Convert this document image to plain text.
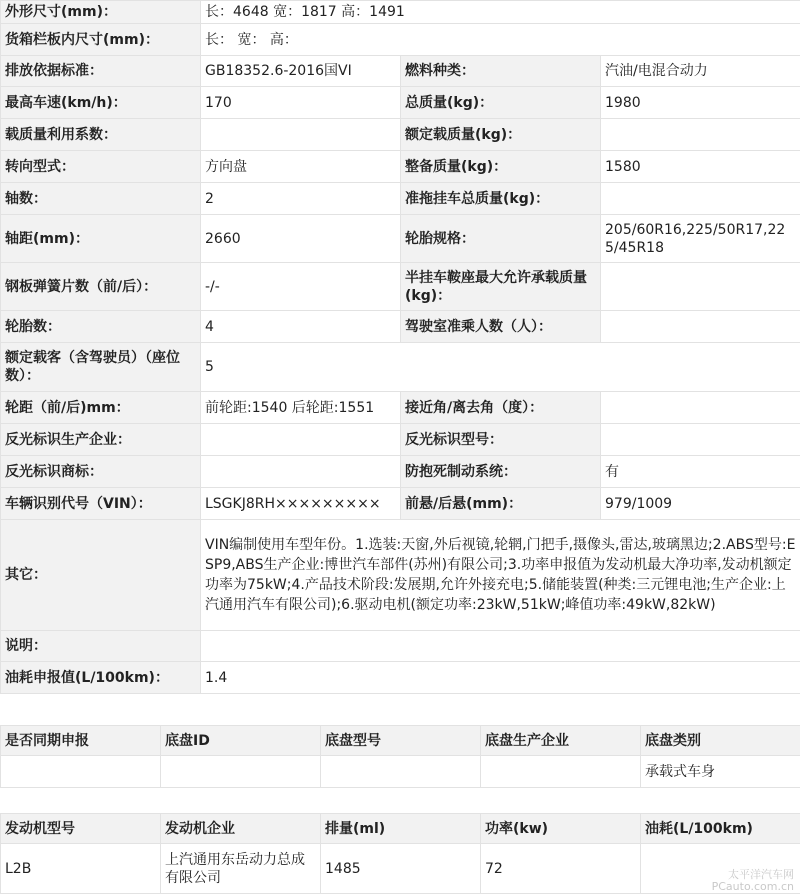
外形尺寸(mm)：	长：4648 宽：1817 高：1491		
货箱栏板内尺寸(mm)：	长： 宽： 高：		
排放依据标准：	GB18352.6-2016国VI	燃料种类：	汽油/电混合动力
最高车速(km/h)：	170	总质量(kg)：	1980
载质量利用系数：		额定载质量(kg)：	
转向型式：	方向盘	整备质量(kg)：	1580
轴数：	2	准拖挂车总质量(kg)：	
轴距(mm)：	2660	轮胎规格：	205/60R16,225/50R17,225/45R18
钢板弹簧片数（前/后）：	-/-	半挂车鞍座最大允许承载质量(kg)：	
轮胎数：	4	驾驶室准乘人数（人）：	
额定载客（含驾驶员）（座位数）：	5		
轮距（前/后)mm：	前轮距:1540 后轮距:1551	接近角/离去角（度）：	
反光标识生产企业：		反光标识型号：	
反光标识商标：		防抱死制动系统：	有
车辆识别代号（VIN）：	LSGKJ8RH×××××××××	前悬/后悬(mm)：	979/1009
其它：	VIN编制使用车型年份。1.选装:天窗,外后视镜,轮辋,门把手,摄像头,雷达,玻璃黑边;2.ABS型号:ESP9,ABS生产企业:博世汽车部件(苏州)有限公司;3.功率申报值为发动机最大净功率,发动机额定功率为75kW;4.产品技术阶段:发展期,允许外接充电;5.储能装置(种类:三元锂电池;生产企业:上汽通用汽车有限公司);6.驱动电机(额定功率:23kW,51kW;峰值功率:49kW,82kW)		
说明：			
油耗申报值(L/100km)：	1.4		
是否同期申报	底盘ID	底盘型号	底盘生产企业	底盘类别
				承载式车身
发动机型号	发动机企业	排量(ml)	功率(kw)	油耗(L/100km)
L2B	上汽通用东岳动力总成有限公司	1485	72		太平洋汽车网
PCauto.com.cn
